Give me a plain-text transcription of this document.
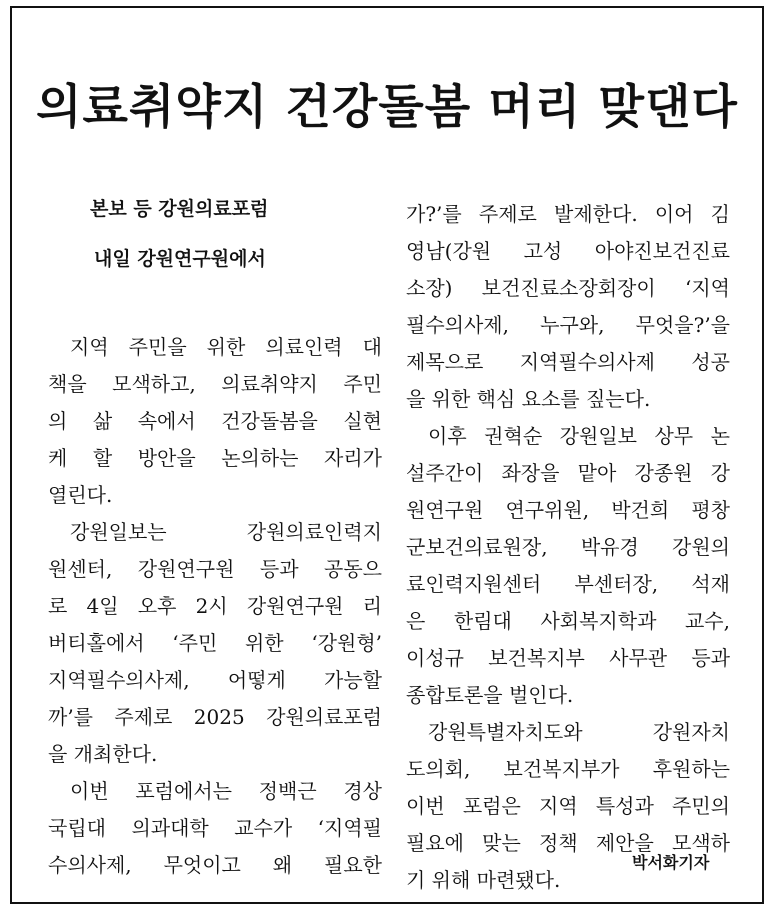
의료취약지 건강돌봄 머리 맞댄다
본보 등 강원의료포럼
내일 강원연구원에서
지역 주민을 위한 의료인력 대
책을 모색하고, 의료취약지 주민
의 삶 속에서 건강돌봄을 실현
케 할 방안을 논의하는 자리가
열린다.
강원일보는 강원의료인력지
원센터, 강원연구원 등과 공동으
로 4일 오후 2시 강원연구원 리
버티홀에서 ‘주민 위한 ‘강원형’
지역필수의사제, 어떻게 가능할
까’를 주제로 2025 강원의료포럼
을 개최한다.
이번 포럼에서는 정백근 경상
국립대 의과대학 교수가 ‘지역필
수의사제, 무엇이고 왜 필요한
가?’를 주제로 발제한다. 이어 김
영남(강원 고성 아야진보건진료
소장) 보건진료소장회장이 ‘지역
필수의사제, 누구와, 무엇을?’을
제목으로 지역필수의사제 성공
을 위한 핵심 요소를 짚는다.
이후 권혁순 강원일보 상무 논
설주간이 좌장을 맡아 강종원 강
원연구원 연구위원, 박건희 평창
군보건의료원장, 박유경 강원의
료인력지원센터 부센터장, 석재
은 한림대 사회복지학과 교수,
이성규 보건복지부 사무관 등과
종합토론을 벌인다.
강원특별자치도와 강원자치
도의회, 보건복지부가 후원하는
이번 포럼은 지역 특성과 주민의
필요에 맞는 정책 제안을 모색하
기 위해 마련됐다.
박서화기자
